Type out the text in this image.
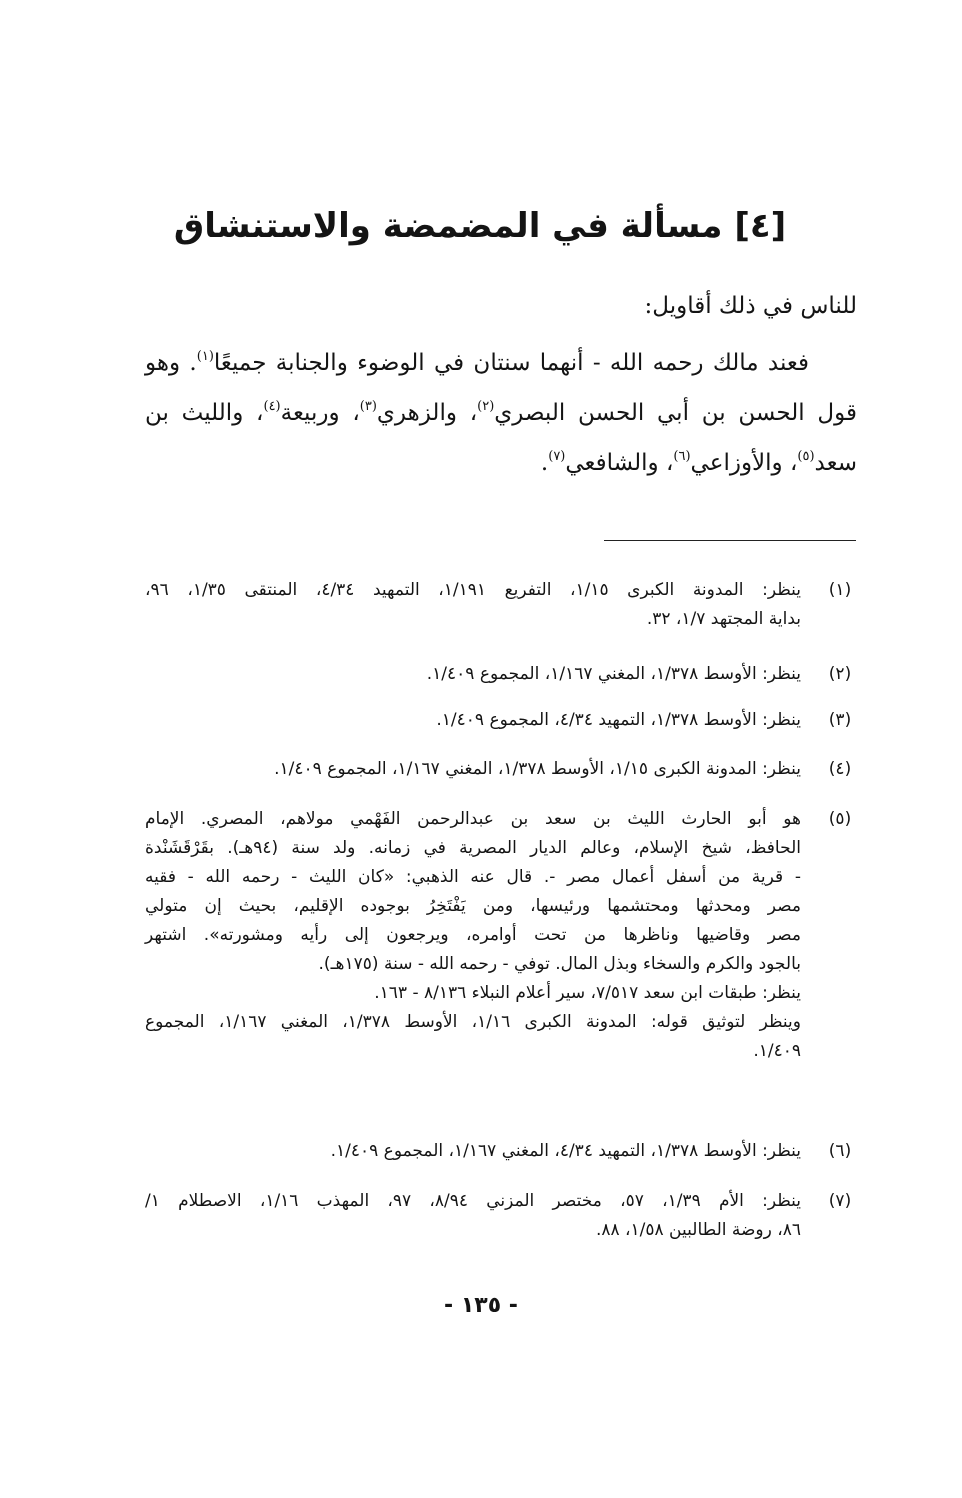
[٤] مسألة في المضمضة والاستنشاق
للناس في ذلك أقاويل:
فعند مالك رحمه الله - أنهما سنتان في الوضوء والجنابة جميعًا$^{(١)}$. وهو قول الحسن بن أبي الحسن البصري$^{(٢)}$، والزهري$^{(٣)}$، وربيعة$^{(٤)}$، والليث بن سعد$^{(٥)}$، والأوزاعي$^{(٦)}$، والشافعي$^{(٧)}$.
(١)
ينظر: المدونة الكبرى ١/١٥، التفريع ١/١٩١، التمهيد ٤/٣٤، المنتقى ١/٣٥، ٩٦،
بداية المجتهد ١/٧، ٣٢.
(٢)
ينظر: الأوسط ١/٣٧٨، المغني ١/١٦٧، المجموع ١/٤٠٩.
(٣)
ينظر: الأوسط ١/٣٧٨، التمهيد ٤/٣٤، المجموع ١/٤٠٩.
(٤)
ينظر: المدونة الكبرى ١/١٥، الأوسط ١/٣٧٨، المغني ١/١٦٧، المجموع ١/٤٠٩.
(٥)
هو أبو الحارث الليث بن سعد بن عبدالرحمن الفَهْمي مولاهم، المصري. الإمام
الحافظ، شيخ الإسلام، وعالم الديار المصرية في زمانه. ولد سنة (٩٤هـ). بقَرْقَشَنْدة
- قرية من أسفل أعمال مصر -. قال عنه الذهبي: «كان الليث - رحمه الله - فقيه
مصر ومحدثها ومحتشمها ورئيسها، ومن يَفْتَخِرُ بوجوده الإقليم، بحيث إن متولي
مصر وقاضيها وناظرها من تحت أوامره، ويرجعون إلى رأيه ومشورته». اشتهر
بالجود والكرم والسخاء وبذل المال. توفي - رحمه الله - سنة (١٧٥هـ).
ينظر: طبقات ابن سعد ٧/٥١٧، سير أعلام النبلاء ٨/١٣٦ - ١٦٣.
وينظر لتوثيق قوله: المدونة الكبرى ١/١٦، الأوسط ١/٣٧٨، المغني ١/١٦٧، المجموع
١/٤٠٩.
(٦)
ينظر: الأوسط ١/٣٧٨، التمهيد ٤/٣٤، المغني ١/١٦٧، المجموع ١/٤٠٩.
(٧)
ينظر: الأم ١/٣٩، ٥٧، مختصر المزني ٨/٩٤، ٩٧، المهذب ١/١٦، الاصطلام ١/
٨٦، روضة الطالبين ١/٥٨، ٨٨.
- ١٣٥ -
